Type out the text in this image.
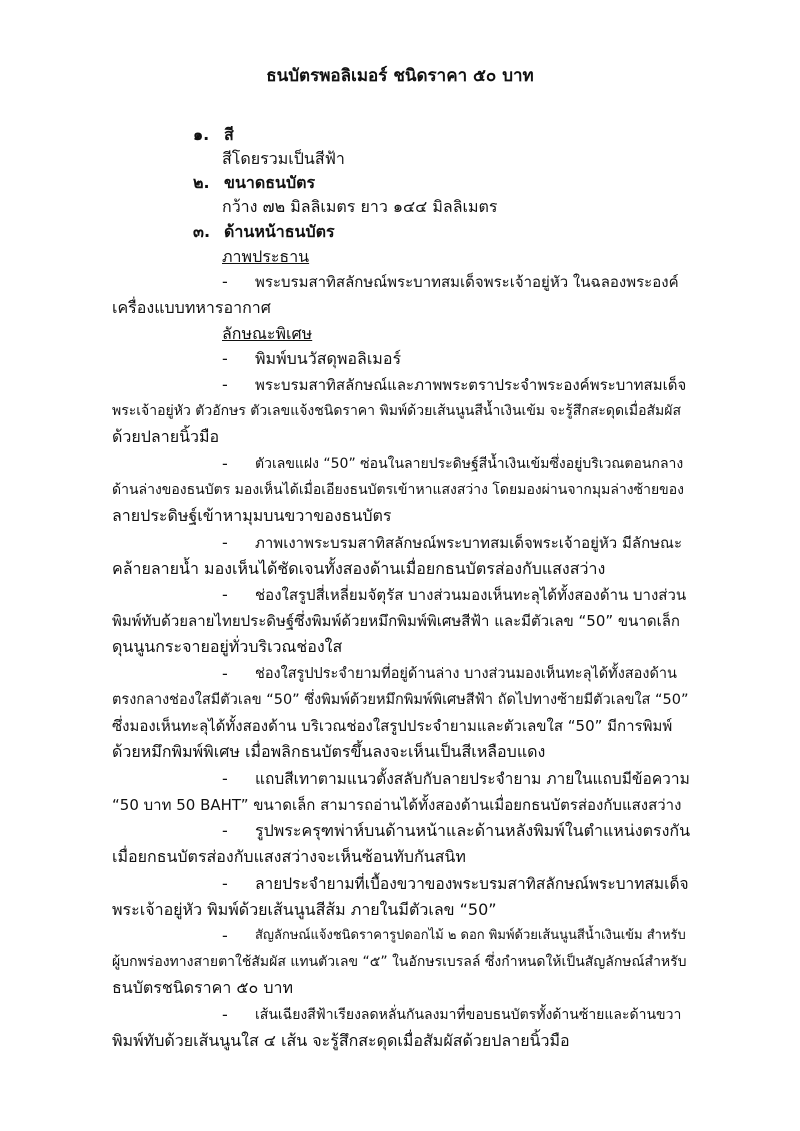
ธนบัตรพอลิเมอร์ ชนิดราคา ๕๐ บาท
๑. สี
สีโดยรวมเป็นสีฟ้า
๒. ขนาดธนบัตร
กว้าง ๗๒ มิลลิเมตร ยาว ๑๔๔ มิลลิเมตร
๓. ด้านหน้าธนบัตร
ภาพประธาน
- พระบรมสาทิสลักษณ์พระบาทสมเด็จพระเจ้าอยู่หัว ในฉลองพระองค์
เครื่องแบบทหารอากาศ
ลักษณะพิเศษ
- พิมพ์บนวัสดุพอลิเมอร์
- พระบรมสาทิสลักษณ์และภาพพระตราประจำพระองค์พระบาทสมเด็จ
พระเจ้าอยู่หัว ตัวอักษร ตัวเลขแจ้งชนิดราคา พิมพ์ด้วยเส้นนูนสีน้ำเงินเข้ม จะรู้สึกสะดุดเมื่อสัมผัส
ด้วยปลายนิ้วมือ
- ตัวเลขแฝง “50” ซ่อนในลายประดิษฐ์สีน้ำเงินเข้มซึ่งอยู่บริเวณตอนกลาง
ด้านล่างของธนบัตร มองเห็นได้เมื่อเอียงธนบัตรเข้าหาแสงสว่าง โดยมองผ่านจากมุมล่างซ้ายของ
ลายประดิษฐ์เข้าหามุมบนขวาของธนบัตร
- ภาพเงาพระบรมสาทิสลักษณ์พระบาทสมเด็จพระเจ้าอยู่หัว มีลักษณะ
คล้ายลายน้ำ มองเห็นได้ชัดเจนทั้งสองด้านเมื่อยกธนบัตรส่องกับแสงสว่าง
- ช่องใสรูปสี่เหลี่ยมจัตุรัส บางส่วนมองเห็นทะลุได้ทั้งสองด้าน บางส่วน
พิมพ์ทับด้วยลายไทยประดิษฐ์ซึ่งพิมพ์ด้วยหมึกพิมพ์พิเศษสีฟ้า และมีตัวเลข “50” ขนาดเล็ก
ดุนนูนกระจายอยู่ทั่วบริเวณช่องใส
- ช่องใสรูปประจำยามที่อยู่ด้านล่าง บางส่วนมองเห็นทะลุได้ทั้งสองด้าน
ตรงกลางช่องใสมีตัวเลข “50” ซึ่งพิมพ์ด้วยหมึกพิมพ์พิเศษสีฟ้า ถัดไปทางซ้ายมีตัวเลขใส “50”
ซึ่งมองเห็นทะลุได้ทั้งสองด้าน บริเวณช่องใสรูปประจำยามและตัวเลขใส “50” มีการพิมพ์
ด้วยหมึกพิมพ์พิเศษ เมื่อพลิกธนบัตรขึ้นลงจะเห็นเป็นสีเหลือบแดง
- แถบสีเทาตามแนวตั้งสลับกับลายประจำยาม ภายในแถบมีข้อความ
“50 บาท 50 BAHT” ขนาดเล็ก สามารถอ่านได้ทั้งสองด้านเมื่อยกธนบัตรส่องกับแสงสว่าง
- รูปพระครุฑพ่าห์บนด้านหน้าและด้านหลังพิมพ์ในตำแหน่งตรงกัน
เมื่อยกธนบัตรส่องกับแสงสว่างจะเห็นซ้อนทับกันสนิท
- ลายประจำยามที่เบื้องขวาของพระบรมสาทิสลักษณ์พระบาทสมเด็จ
พระเจ้าอยู่หัว พิมพ์ด้วยเส้นนูนสีส้ม ภายในมีตัวเลข “50”
- สัญลักษณ์แจ้งชนิดราคารูปดอกไม้ ๒ ดอก พิมพ์ด้วยเส้นนูนสีน้ำเงินเข้ม สำหรับ
ผู้บกพร่องทางสายตาใช้สัมผัส แทนตัวเลข “๕” ในอักษรเบรลล์ ซึ่งกำหนดให้เป็นสัญลักษณ์สำหรับ
ธนบัตรชนิดราคา ๕๐ บาท
- เส้นเฉียงสีฟ้าเรียงลดหลั่นกันลงมาที่ขอบธนบัตรทั้งด้านซ้ายและด้านขวา
พิมพ์ทับด้วยเส้นนูนใส ๔ เส้น จะรู้สึกสะดุดเมื่อสัมผัสด้วยปลายนิ้วมือ
